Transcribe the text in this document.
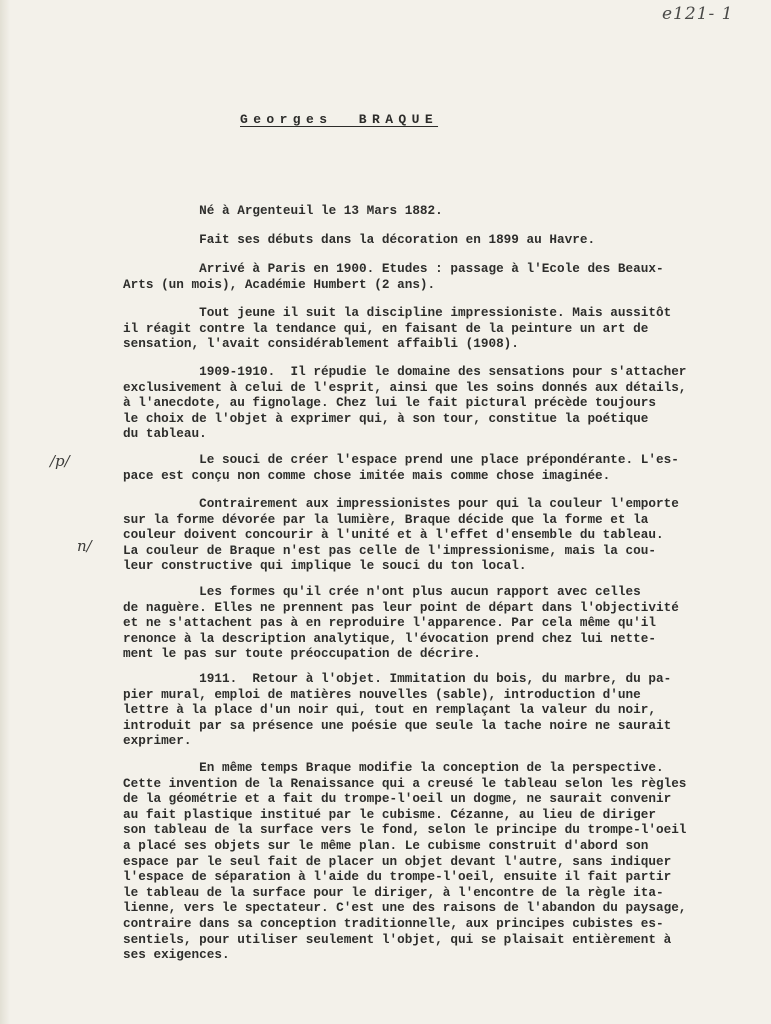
e121- 1
Georges  BRAQUE
/p/
n/

Né à Argenteuil le 13 Mars 1882.

Fait ses débuts dans la décoration en 1899 au Havre.

Arrivé à Paris en 1900. Etudes : passage à l'Ecole des Beaux-
Arts (un mois), Académie Humbert (2 ans).

Tout jeune il suit la discipline impressioniste. Mais aussitôt
il réagit contre la tendance qui, en faisant de la peinture un art de
sensation, l'avait considérablement affaibli (1908).

1909-1910.  Il répudie le domaine des sensations pour s'attacher
exclusivement à celui de l'esprit, ainsi que les soins donnés aux détails,
à l'anecdote, au fignolage. Chez lui le fait pictural précède toujours
le choix de l'objet à exprimer qui, à son tour, constitue la poétique
du tableau.

Le souci de créer l'espace prend une place prépondérante. L'es-
pace est conçu non comme chose imitée mais comme chose imaginée.

Contrairement aux impressionistes pour qui la couleur l'emporte
sur la forme dévorée par la lumière, Braque décide que la forme et la
couleur doivent concourir à l'unité et à l'effet d'ensemble du tableau.
La couleur de Braque n'est pas celle de l'impressionisme, mais la cou-
leur constructive qui implique le souci du ton local.

Les formes qu'il crée n'ont plus aucun rapport avec celles
de naguère. Elles ne prennent pas leur point de départ dans l'objectivité
et ne s'attachent pas à en reproduire l'apparence. Par cela même qu'il
renonce à la description analytique, l'évocation prend chez lui nette-
ment le pas sur toute préoccupation de décrire.

1911.  Retour à l'objet. Immitation du bois, du marbre, du pa-
pier mural, emploi de matières nouvelles (sable), introduction d'une
lettre à la place d'un noir qui, tout en remplaçant la valeur du noir,
introduit par sa présence une poésie que seule la tache noire ne saurait
exprimer.

En même temps Braque modifie la conception de la perspective.
Cette invention de la Renaissance qui a creusé le tableau selon les règles
de la géométrie et a fait du trompe-l'oeil un dogme, ne saurait convenir
au fait plastique institué par le cubisme. Cézanne, au lieu de diriger
son tableau de la surface vers le fond, selon le principe du trompe-l'oeil
a placé ses objets sur le même plan. Le cubisme construit d'abord son
espace par le seul fait de placer un objet devant l'autre, sans indiquer
l'espace de séparation à l'aide du trompe-l'oeil, ensuite il fait partir
le tableau de la surface pour le diriger, à l'encontre de la règle ita-
lienne, vers le spectateur. C'est une des raisons de l'abandon du paysage,
contraire dans sa conception traditionnelle, aux principes cubistes es-
sentiels, pour utiliser seulement l'objet, qui se plaisait entièrement à
ses exigences.
